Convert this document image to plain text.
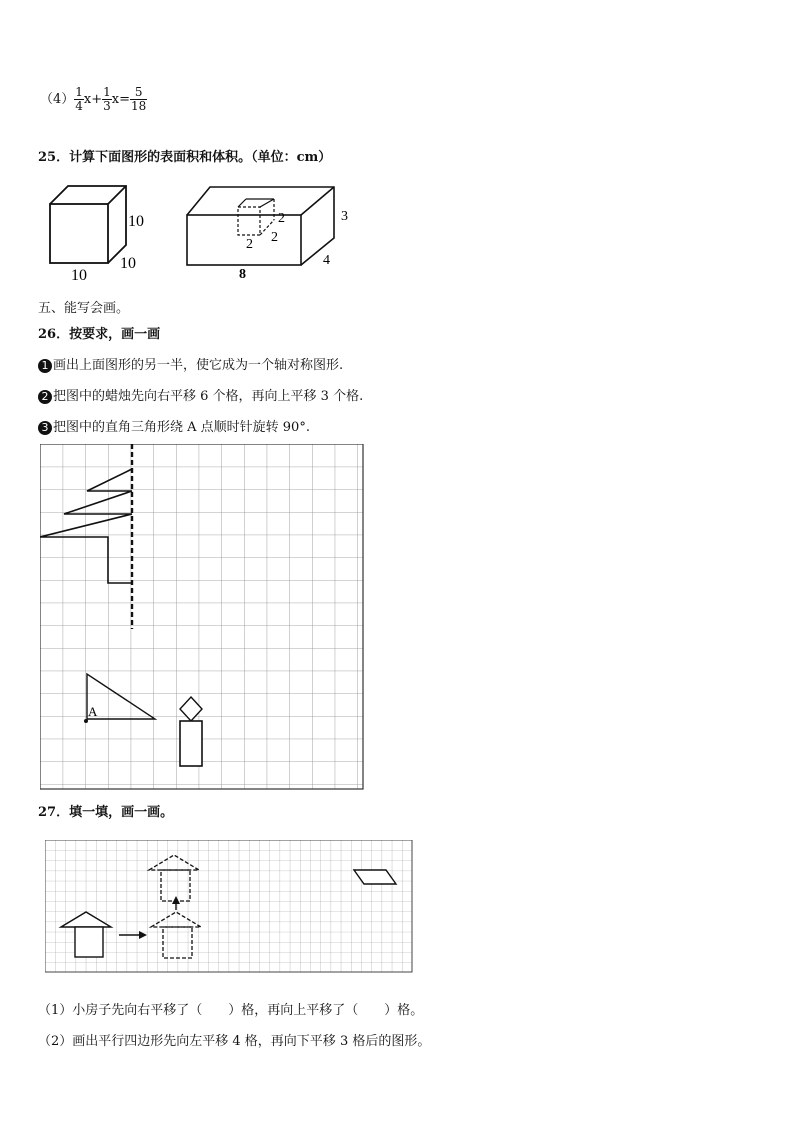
$(4) \frac{1}{4} x+ \frac{1}{3} x= \frac{5}{18}$
25．计算下面图形的表面积和体积。（单位：cm）
10
10
10
2
2
2
3
4
8
五、能写会画。
26．按要求，画一画
1 画出上面图形的另一半，使它成为一个轴对称图形.
2 把图中的蜡烛先向右平移 6 个格，再向上平移 3 个格.
3 把图中的直角三角形绕 A 点顺时针旋转 90°.
A
27．填一填，画一画。
（1）小房子先向右平移了（　　）格，再向上平移了（　　）格。
（2）画出平行四边形先向左平移 4 格，再向下平移 3 格后的图形。
